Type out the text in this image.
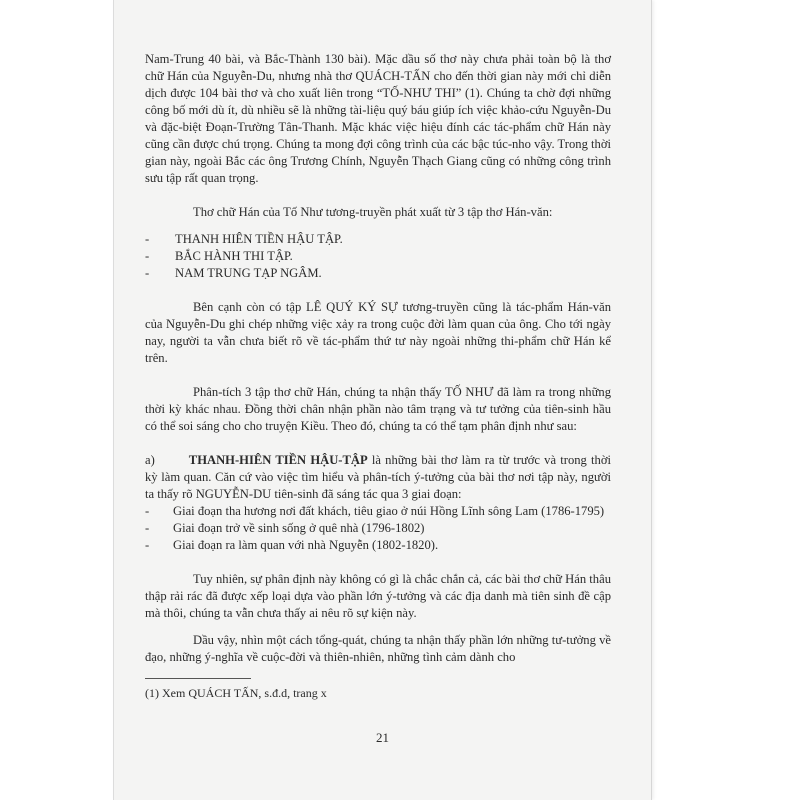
Nam-Trung 40 bài, và Bắc-Thành 130 bài). Mặc dầu số thơ này chưa phải toàn bộ là thơ chữ Hán của Nguyễn-Du, nhưng nhà thơ QUÁCH-TẤN cho đến thời gian này mới chỉ diễn dịch được 104 bài thơ và cho xuất liên trong “TỐ-NHƯ THI” (1). Chúng ta chờ đợi những công bố mới dù ít, dù nhiều sẽ là những tài-liệu quý báu giúp ích việc khảo-cứu Nguyễn-Du và đặc-biệt Đoạn-Trường Tân-Thanh. Mặc khác việc hiệu đính các tác-phẩm chữ Hán này cũng cần được chú trọng. Chúng ta mong đợi công trình của các bậc túc-nho vậy. Trong thời gian này, ngoài Bắc các ông Trương Chính, Nguyễn Thạch Giang cũng có những công trình sưu tập rất quan trọng.

Thơ chữ Hán của Tố Như tương-truyền phát xuất từ 3 tập thơ Hán-văn:

- THANH HIÊN TIỀN HẬU TẬP.
- BẮC HÀNH THI TẬP.
- NAM TRUNG TẠP NGÂM.

Bên cạnh còn có tập LÊ QUÝ KÝ SỰ tương-truyền cũng là tác-phẩm Hán-văn của Nguyễn-Du ghi chép những việc xảy ra trong cuộc đời làm quan của ông. Cho tới ngày nay, người ta vẫn chưa biết rõ về tác-phẩm thứ tư này ngoài những thi-phẩm chữ Hán kể trên.

Phân-tích 3 tập thơ chữ Hán, chúng ta nhận thấy TỐ NHƯ đã làm ra trong những thời kỳ khác nhau. Đồng thời chân nhận phần nào tâm trạng và tư tưởng của tiên-sinh hầu có thể soi sáng cho cho truyện Kiều. Theo đó, chúng ta có thể tạm phân định như sau:

a)	THANH-HIÊN TIỀN HẬU-TẬP là những bài thơ làm ra từ trước và trong thời kỳ làm quan. Căn cứ vào việc tìm hiểu và phân-tích ý-tưởng của bài thơ nơi tập này, người ta thấy rõ NGUYỄN-DU tiên-sinh đã sáng tác qua 3 giai đoạn:

- Giai đoạn tha hương nơi đất khách, tiêu giao ở núi Hồng Lĩnh sông Lam (1786-1795)
- Giai đoạn trở về sinh sống ở quê nhà (1796-1802)
- Giai đoạn ra làm quan với nhà Nguyễn (1802-1820).

Tuy nhiên, sự phân định này không có gì là chắc chắn cả, các bài thơ chữ Hán thâu thập rải rác đã được xếp loại dựa vào phần lớn ý-tưởng và các địa danh mà tiên sinh đề cập mà thôi, chúng ta vẫn chưa thấy ai nêu rõ sự kiện này.

Dầu vậy, nhìn một cách tổng-quát, chúng ta nhận thấy phần lớn những tư-tưởng về đạo, những ý-nghĩa về cuộc-đời và thiên-nhiên, những tình cảm dành cho

(1) Xem QUÁCH TẤN, s.đ.d, trang x

21
